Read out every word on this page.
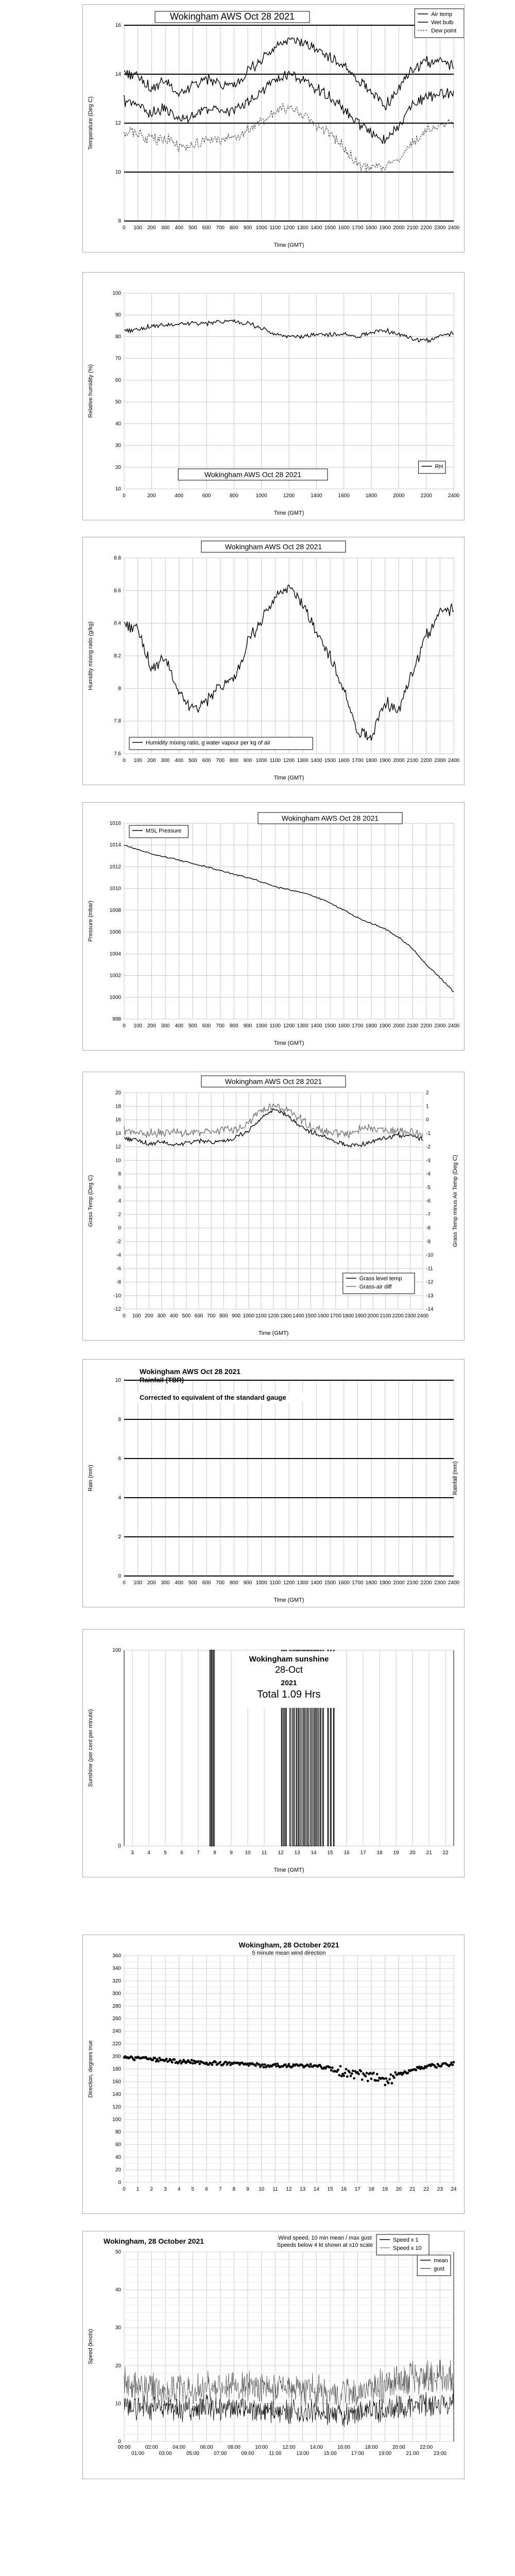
0 100 200 300 400 500 600 700 800 900 1000 1100 1200 1300 1400 1500 1600 1700 1800 1900 2000 2100 2200 2300 2400
8
10
12
14
16
Time (GMT)
Temperature (Deg C)
Wokingham AWS Oct 28 2021	Air temp
Wet bulb
Dew point
0	200	400	600	800	1000	1200	1400	1600	1800	2000	2200	2400
10
20
30
40
50
60
70
80
90
100
Time (GMT)
Relative humidity (%)
Wokingham AWS Oct 28 2021
RH
0 100 200 300 400 500 600 700 800 900 1000 1100 1200 1300 1400 1500 1600 1700 1800 1900 2000 2100 2200 2300 2400
7.6
7.8
8
8.2
8.4
8.6
8.8
Time (GMT)
Humidity mixing ratio (g/kg)
Wokingham AWS Oct 28 2021
Humidity mixing ratio, g water vapour per kg of air
0 100 200 300 400 500 600 700 800 900 1000 1100 1200 1300 1400 1500 1600 1700 1800 1900 2000 2100 2200 2300 2400
998
1000
1002
1004
1006
1008
1010
1012
1014
1016
Time (GMT)
Pressure (mbar)
Wokingham AWS Oct 28 2021
MSL Pressure
0 100 200 300 400 500 600 700 800 900 1000 1100 1200 1300 1400 1500 1600 1700 1800 1900 2000 2100 2200 2300 2400
-12
-10
-8
-6
-4
-2
0
2
4
6
8
10
12
14
16
18
20
-14
-13
-12
-11
-10
-9
-8
-7
-6
-5
-4
-3
-2
-1
0
1
2
Time (GMT)
Grass Temp (Deg C)	Grass Temp minus Air Temp (Deg C)
Wokingham AWS Oct 28 2021
Grass level temp
Grass-air diff
0 100 200 300 400 500 600 700 800 900 1000 1100 1200 1300 1400 1500 1600 1700 1800 1900 2000 2100 2200 2300 2400
0
2
4
6
8
10
Time (GMT)
Rain (mm)	Rainfall (mm)
Wokingham AWS Oct 28 2021
Rainfall (TBR)
Corrected to equivalent of the standard gauge
3	4	5	6	7	8	9 10 11 12 13 14 15 16 17 18 19 20 21 22
0
100
Time (GMT)
Sunshine (per cent per minute)
Wokingham sunshine
28-Oct
2021
Total 1.09 Hrs
0 1 2 3 4 5 6 7 8 9 10 11 12 13 14 15 16 17 18 19 20 21 22 23 24
0
20
40
60
80
100
120
140
160
180
200
220
240
260
280
300
320
340
360
Direction, degrees true
Wokingham, 28 October 2021
5 minute mean wind direction
00:00
01:00
02:00
03:00
04:00
05:00
06:00
07:00
08:00
09:00
10:00
11:00
12:00
13:00
14:00
15:00
16:00
17:00
18:00
19:00
20:00
21:00
22:00
23:00
0
10
20
30
40
50
Speed (knots)
Wokingham, 28 October 2021	Wind speed, 10 min mean / max gust
Speeds below 4 kt shown at x10 scale
mean
gust
Speed x 1
Speed x 10
